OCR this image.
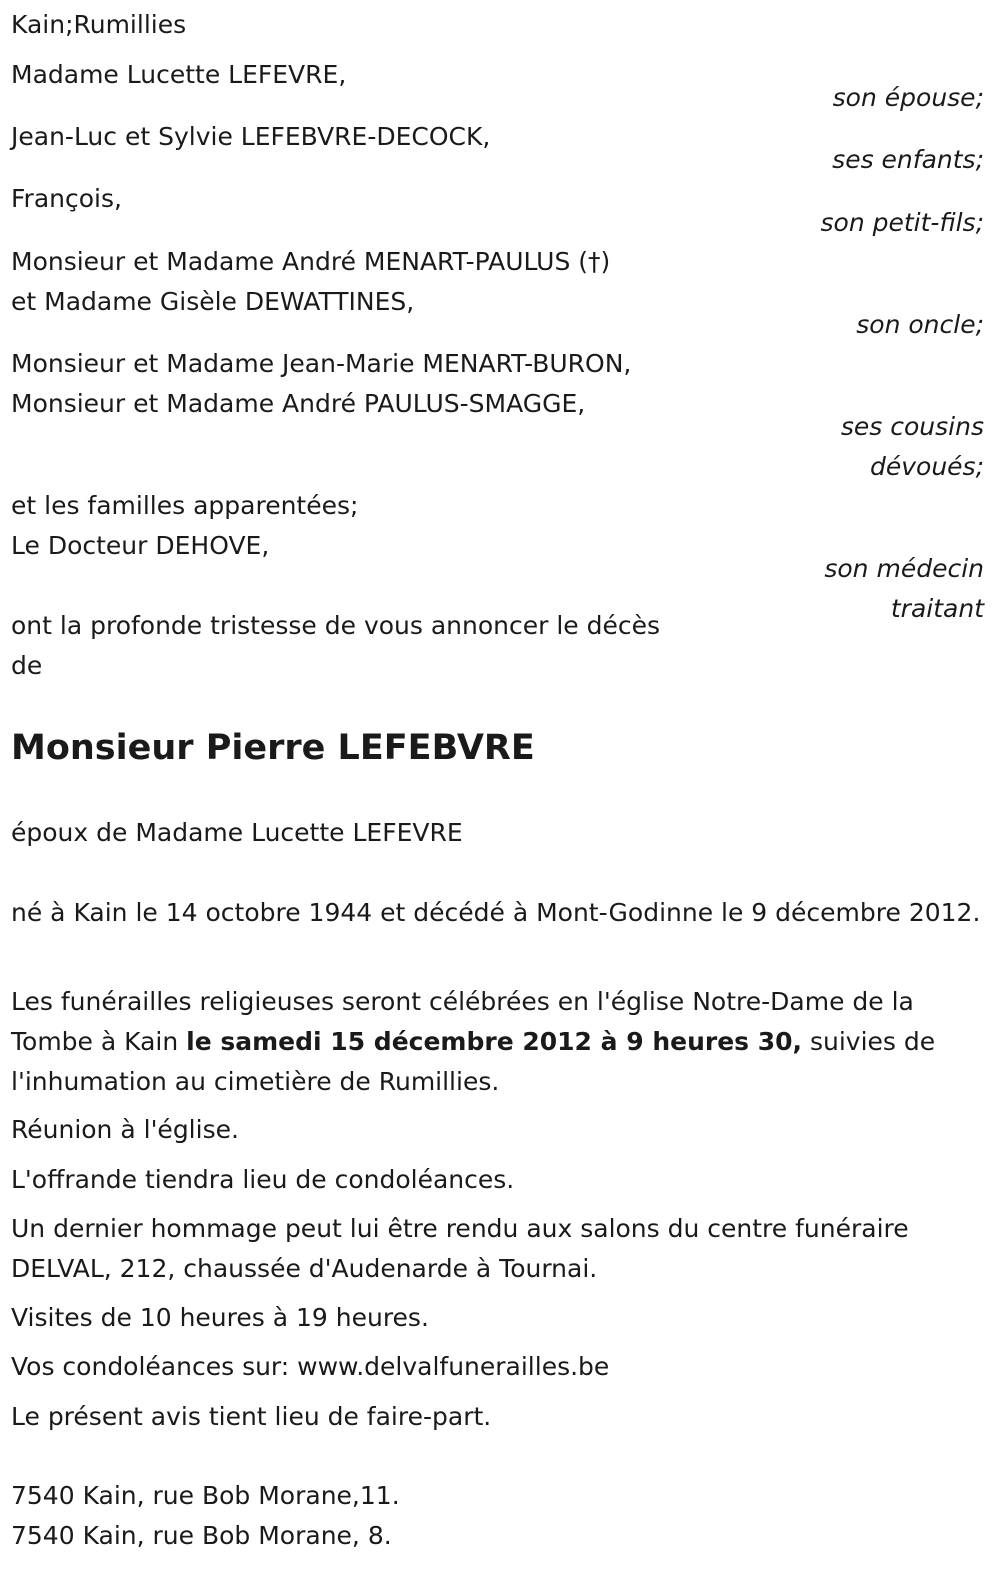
Kain;Rumillies
Madame Lucette LEFEVRE,
son épouse;
Jean-Luc et Sylvie LEFEBVRE-DECOCK,
ses enfants;
François,
son petit-fils;
Monsieur et Madame André MENART-PAULUS (†)
et Madame Gisèle DEWATTINES,
son oncle;
Monsieur et Madame Jean-Marie MENART-BURON,
Monsieur et Madame André PAULUS-SMAGGE,
ses cousins
dévoués;
et les familles apparentées;
Le Docteur DEHOVE,
son médecin
traitant
ont la profonde tristesse de vous annoncer le décès
de
Monsieur Pierre LEFEBVRE
époux de Madame Lucette LEFEVRE
né à Kain le 14 octobre 1944 et décédé à Mont-Godinne le 9 décembre 2012.
Les funérailles religieuses seront célébrées en l'église Notre-Dame de la Tombe à Kain le samedi 15 décembre 2012 à 9 heures 30, suivies de l'inhumation au cimetière de Rumillies.
Réunion à l'église.
L'offrande tiendra lieu de condoléances.
Un dernier hommage peut lui être rendu aux salons du centre funéraire DELVAL, 212, chaussée d'Audenarde à Tournai.
Visites de 10 heures à 19 heures.
Vos condoléances sur: www.delvalfunerailles.be
Le présent avis tient lieu de faire-part.
7540 Kain, rue Bob Morane,11.
7540 Kain, rue Bob Morane, 8.
